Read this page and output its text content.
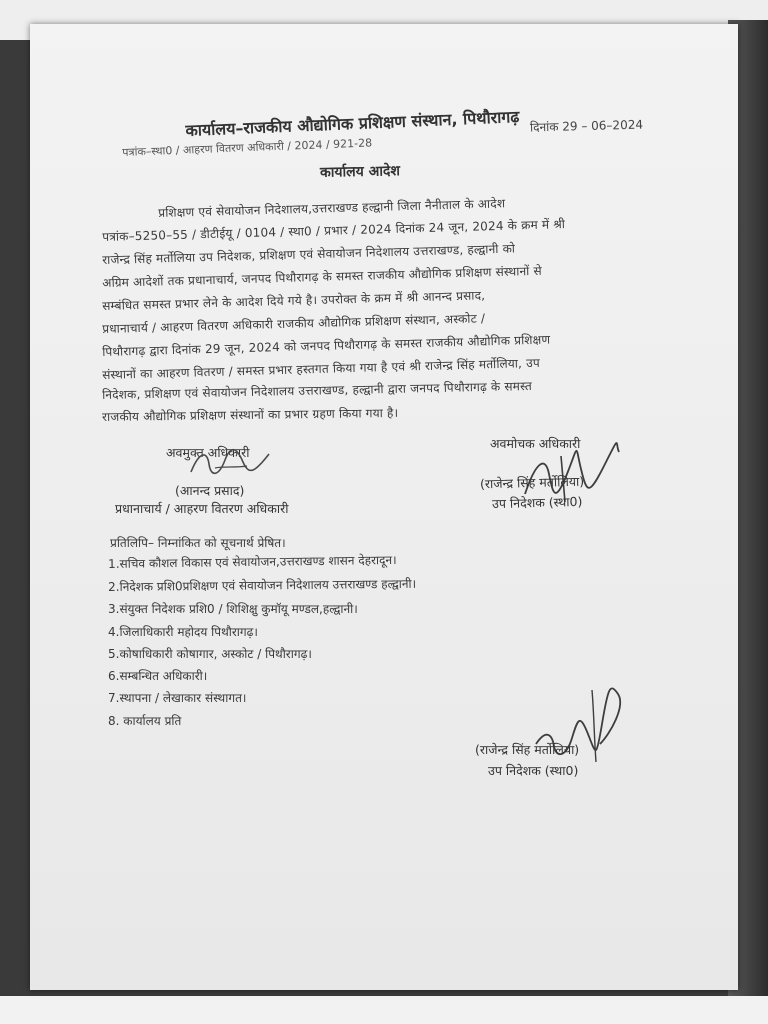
कार्यालय–राजकीय औद्योगिक प्रशिक्षण संस्थान, पिथौरागढ़ दिनांक 29 – 06–2024
पत्रांक–स्था0 / आहरण वितरण अधिकारी / 2024 / 921-28
कार्यालय आदेश
प्रशिक्षण एवं सेवायोजन निदेशालय,उत्तराखण्ड हल्द्वानी जिला नैनीताल के आदेश
पत्रांक–5250–55 / डीटीईयू / 0104 / स्था0 / प्रभार / 2024 दिनांक 24 जून, 2024 के क्रम में श्री
राजेन्द्र सिंह मर्तोलिया उप निदेशक, प्रशिक्षण एवं सेवायोजन निदेशालय उत्तराखण्ड, हल्द्वानी को
अग्रिम आदेशों तक प्रधानाचार्य, जनपद पिथौरागढ़ के समस्त राजकीय औद्योगिक प्रशिक्षण संस्थानों से
सम्बंधित समस्त प्रभार लेने के आदेश दिये गये है। उपरोक्त के क्रम में श्री आनन्द प्रसाद,
प्रधानाचार्य / आहरण वितरण अधिकारी राजकीय औद्योगिक प्रशिक्षण संस्थान, अस्कोट /
पिथौरागढ़ द्वारा दिनांक 29 जून, 2024 को जनपद पिथौरागढ़ के समस्त राजकीय औद्योगिक प्रशिक्षण
संस्थानों का आहरण वितरण / समस्त प्रभार हस्तगत किया गया है एवं श्री राजेन्द्र सिंह मर्तोलिया, उप
निदेशक, प्रशिक्षण एवं सेवायोजन निदेशालय उत्तराखण्ड, हल्द्वानी द्वारा जनपद पिथौरागढ़ के समस्त
राजकीय औद्योगिक प्रशिक्षण संस्थानों का प्रभार ग्रहण किया गया है।
अवमुक्त अधिकारी
(आनन्द प्रसाद)
प्रधानाचार्य / आहरण वितरण अधिकारी
अवमोचक अधिकारी
(राजेन्द्र सिंह मर्तोलिया)
उप निदेशक (स्था0)
प्रतिलिपि– निम्नांकित को सूचनार्थ प्रेषित।
1.सचिव कौशल विकास एवं सेवायोजन,उत्तराखण्ड शासन देहरादून।
2.निदेशक प्रशि0प्रशिक्षण एवं सेवायोजन निदेशालय उत्तराखण्ड हल्द्वानी।
3.संयुक्त निदेशक प्रशि0 / शिशिक्षु कुमॉयू मण्डल,हल्द्वानी।
4.जिलाधिकारी महोदय पिथौरागढ़।
5.कोषाधिकारी कोषागार, अस्कोट / पिथौरागढ़।
6.सम्बन्धित अधिकारी।
7.स्थापना / लेखाकार संस्थागत।
8. कार्यालय प्रति
(राजेन्द्र सिंह मर्तोलिया)
उप निदेशक (स्था0)
